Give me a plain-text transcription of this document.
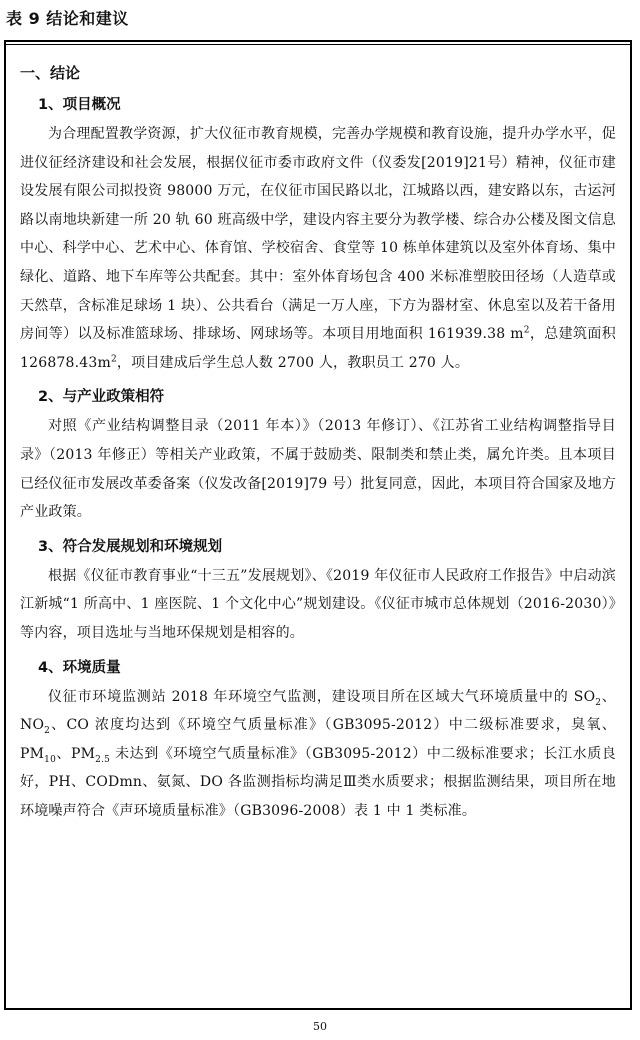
表 9 结论和建议
一、结论
1、项目概况

为合理配置教学资源，扩大仪征市教育规模，完善办学规模和教育设施，提升办学水平，促进仪征经济建设和社会发展，根据仪征市委市政府文件（仪委发[2019]21号）精神，仪征市建设发展有限公司拟投资 98000 万元，在仪征市国民路以北，江城路以西，建安路以东，古运河路以南地块新建一所 20 轨 60 班高级中学，建设内容主要分为教学楼、综合办公楼及图文信息中心、科学中心、艺术中心、体育馆、学校宿舍、食堂等 10 栋单体建筑以及室外体育场、集中绿化、道路、地下车库等公共配套。其中：室外体育场包含 400 米标准塑胶田径场（人造草或天然草，含标准足球场 1 块）、公共看台（满足一万人座，下方为器材室、休息室以及若干备用房间等）以及标准篮球场、排球场、网球场等。本项目用地面积 161939.38 $m^2$，总建筑面积 $126878.43m^2$，项目建成后学生总人数 2700 人，教职员工 270 人。

2、与产业政策相符

对照《产业结构调整目录（2011 年本）》（2013 年修订）、《江苏省工业结构调整指导目录》（2013 年修正）等相关产业政策，不属于鼓励类、限制类和禁止类，属允许类。且本项目已经仪征市发展改革委备案（仪发改备[2019]79 号）批复同意，因此，本项目符合国家及地方产业政策。

3、符合发展规划和环境规划

根据《仪征市教育事业“十三五”发展规划》、《2019 年仪征市人民政府工作报告》中启动滨江新城“1 所高中、1 座医院、1 个文化中心”规划建设。《仪征市城市总体规划（2016-2030）》等内容，项目选址与当地环保规划是相容的。

4、环境质量

仪征市环境监测站 2018 年环境空气监测，建设项目所在区域大气环境质量中的 $SO_2$、$NO_2$、CO 浓度均达到《环境空气质量标准》（GB3095-2012）中二级标准要求，臭氧、$PM_{10}$、$PM_{2.5}$ 未达到《环境空气质量标准》（GB3095-2012）中二级标准要求；长江水质良好，PH、CODmn、氨氮、DO 各监测指标均满足Ⅲ类水质要求；根据监测结果，项目所在地环境噪声符合《声环境质量标准》（GB3096-2008）表 1 中 1 类标准。

50
